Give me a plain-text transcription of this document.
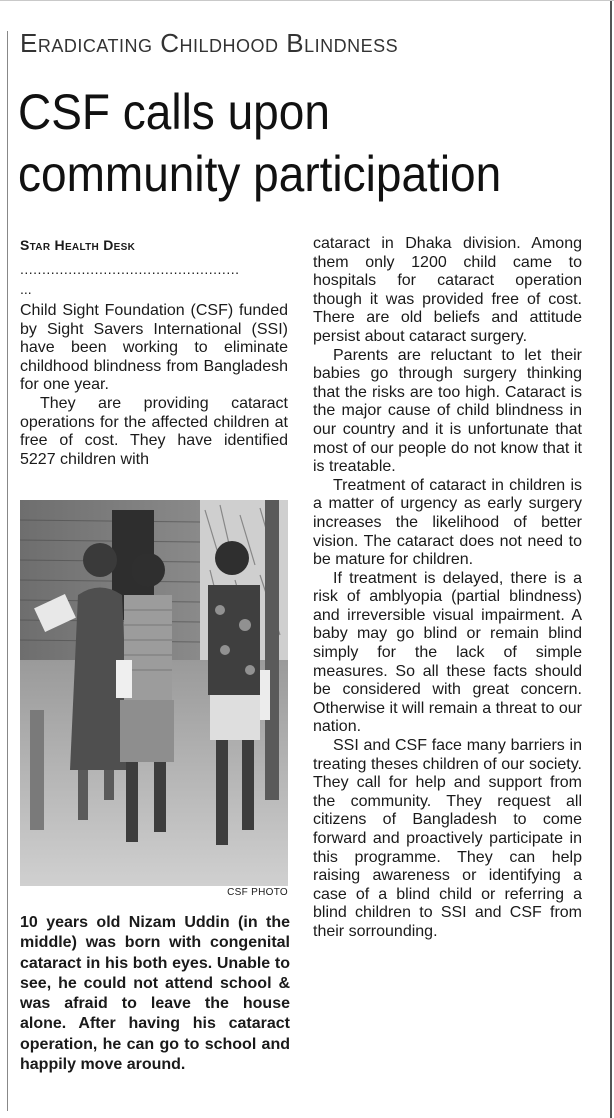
Eradicating Childhood Blindness
CSF calls upon community participation
Star Health Desk
..................................................
...

Child Sight Foundation (CSF) funded by Sight Savers International (SSI) have been working to eliminate childhood blindness from Bangladesh for one year.

They are providing cataract operations for the affected children at free of cost. They have identified 5227 children with

CSF PHOTO
10 years old Nizam Uddin (in the middle) was born with congenital cataract in his both eyes. Unable to see, he could not attend school & was afraid to leave the house alone. After having his cataract operation, he can go to school and happily move around.

cataract in Dhaka division. Among them only 1200 child came to hospitals for cataract operation though it was provided free of cost. There are old beliefs and attitude persist about cataract surgery.

Parents are reluctant to let their babies go through surgery thinking that the risks are too high. Cataract is the major cause of child blindness in our country and it is unfortunate that most of our people do not know that it is treatable.

Treatment of cataract in children is a matter of urgency as early surgery increases the likelihood of better vision. The cataract does not need to be mature for children.

If treatment is delayed, there is a risk of amblyopia (partial blindness) and irreversible visual impairment. A baby may go blind or remain blind simply for the lack of simple measures. So all these facts should be considered with great concern. Otherwise it will remain a threat to our nation.

SSI and CSF face many barriers in treating theses children of our society. They call for help and support from the community. They request all citizens of Bangladesh to come forward and proactively participate in this programme. They can help raising awareness or identifying a case of a blind child or referring a blind children to SSI and CSF from their sorrounding.
